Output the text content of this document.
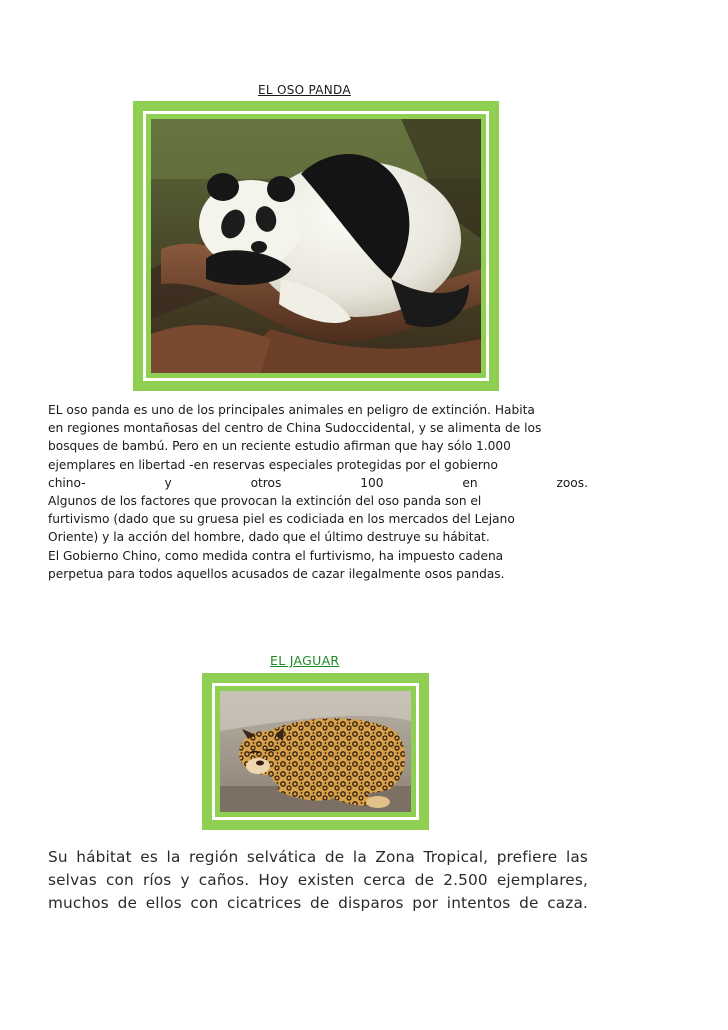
EL OSO PANDA
EL oso panda es uno de los principales animales en peligro de extinción. Habita
en regiones montañosas del centro de China Sudoccidental, y se alimenta de los
bosques de bambú. Pero en un reciente estudio afirman que hay sólo 1.000
ejemplares en libertad -en reservas especiales protegidas por el gobierno
chino- y otros 100 en zoos.
Algunos de los factores que provocan la extinción del oso panda son el
furtivismo (dado que su gruesa piel es codiciada en los mercados del Lejano
Oriente) y la acción del hombre, dado que el último destruye su hábitat.
El Gobierno Chino, como medida contra el furtivismo, ha impuesto cadena
perpetua para todos aquellos acusados de cazar ilegalmente osos pandas.
EL JAGUAR
Su hábitat es la región selvática de la Zona Tropical, prefiere las
selvas con ríos y caños. Hoy existen cerca de 2.500 ejemplares,
muchos de ellos con cicatrices de disparos por intentos de caza.
